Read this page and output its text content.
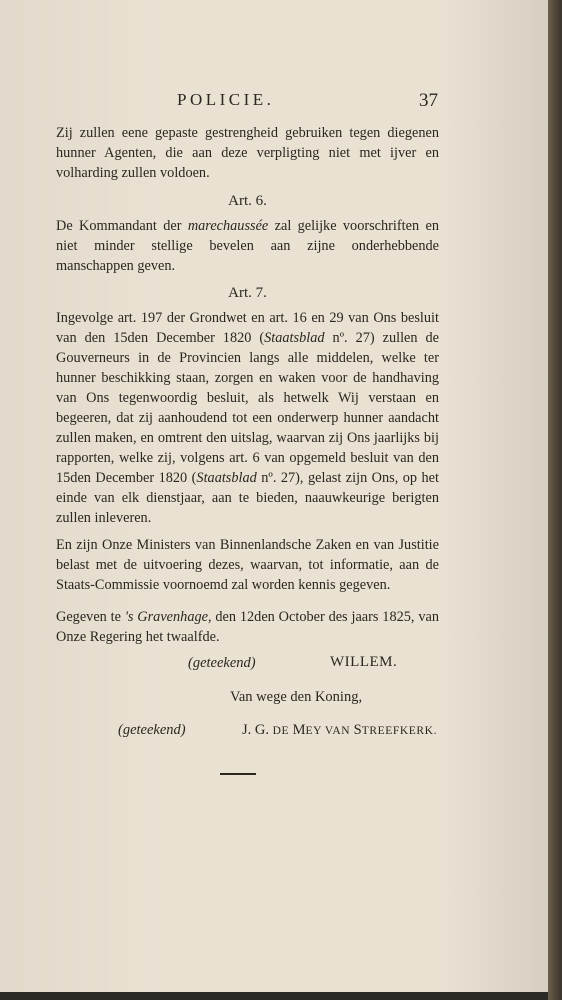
POLICIE.	37

Zij zullen eene gepaste gestrengheid gebruiken tegen diegenen hunner Agenten, die aan deze verpligting niet met ijver en volharding zullen voldoen.

Art. 6.

De Kommandant der marechaussée zal gelijke voorschriften en niet minder stellige bevelen aan zijne onderhebbende manschappen geven.

Art. 7.

Ingevolge art. 197 der Grondwet en art. 16 en 29 van Ons besluit van den 15den December 1820 (Staatsblad nº. 27) zullen de Gouverneurs in de Provincien langs alle middelen, welke ter hunner beschikking staan, zorgen en waken voor de handhaving van Ons tegenwoordig besluit, als hetwelk Wij verstaan en begeeren, dat zij aanhoudend tot een onderwerp hunner aandacht zullen maken, en omtrent den uitslag, waarvan zij Ons jaarlijks bij rapporten, welke zij, volgens art. 6 van opgemeld besluit van den 15den December 1820 (Staatsblad nº. 27), gelast zijn Ons, op het einde van elk dienstjaar, aan te bieden, naauwkeurige berigten zullen inleveren.

En zijn Onze Ministers van Binnenlandsche Zaken en van Justitie belast met de uitvoering dezes, waarvan, tot informatie, aan de Staats-Commissie voornoemd zal worden kennis gegeven.

Gegeven te 's Gravenhage, den 12den October des jaars 1825, van Onze Regering het twaalfde.

(geteekend)	WILLEM.
Van wege den Koning,
(geteekend)	J. G. DE MEY VAN STREEFKERK.
